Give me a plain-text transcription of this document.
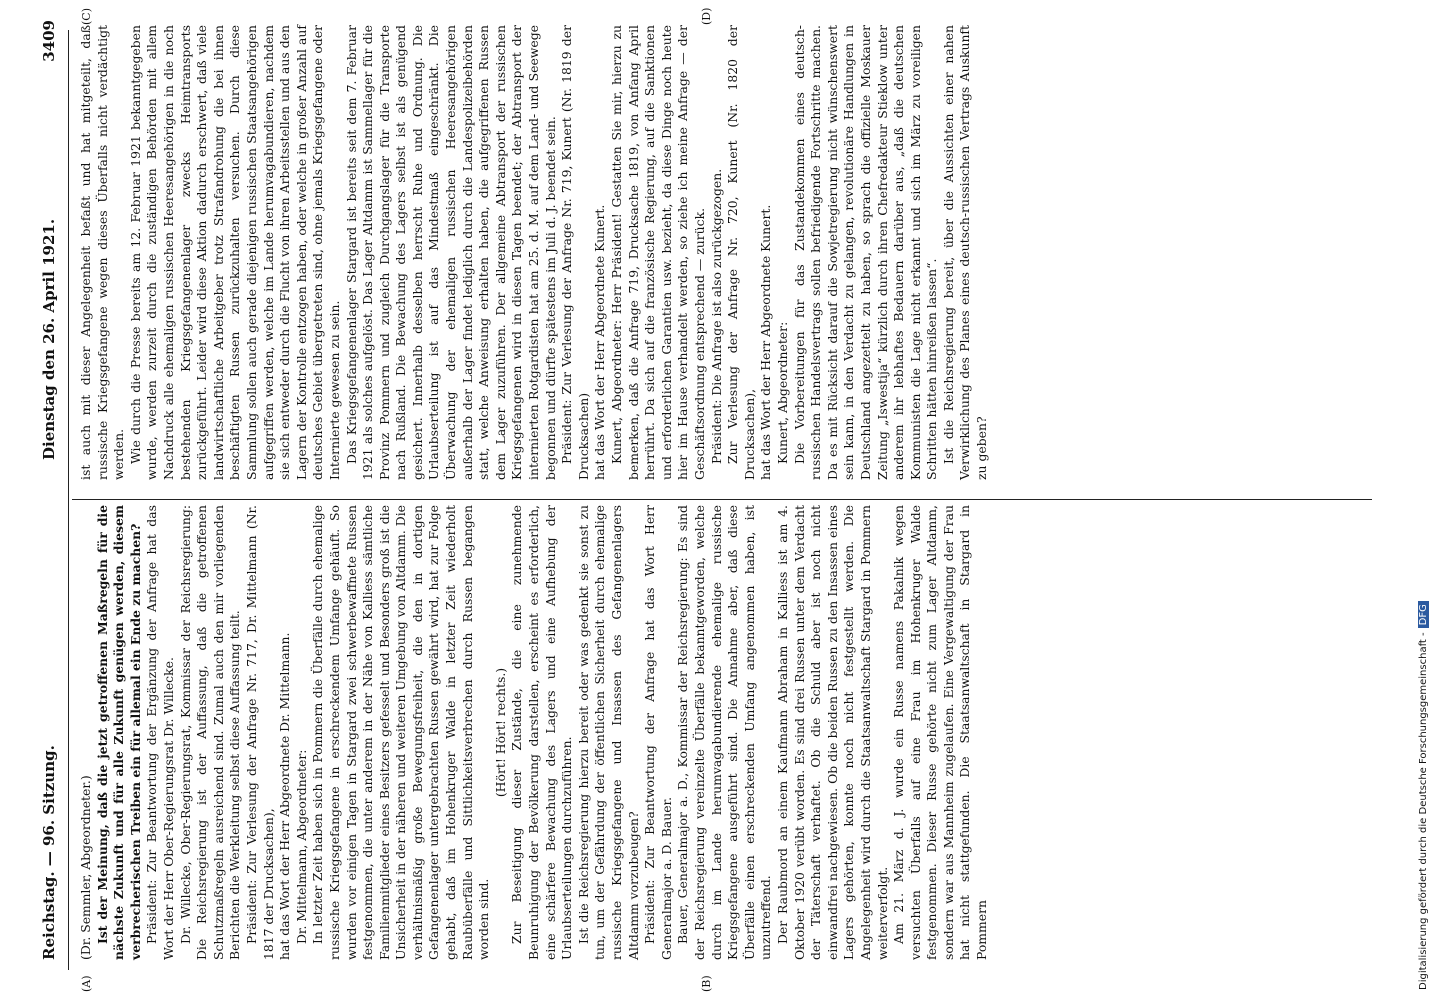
Reichstag. — 96. Sitzung.
Dienstag den 26. April 1921.
3409
(A)	(B)
(C)	(D)

(Dr. Semmler, Abgeordneter.) Ist der Meinung, daß die jetzt getroffenen Maßregeln für die nächste Zukunft und für alle Zukunft genügen werden, diesem verbrecherischen Treiben ein für allemal ein Ende zu machen? Präsident: Zur Beantwortung der Ergänzung der Anfrage hat das Wort der Herr Ober-Regierungsrat Dr. Willecke. Dr. Willecke, Ober-Regierungsrat, Kommissar der Reichsregierung: Die Reichsregierung ist der Auffassung, daß die getroffenen Schutzmaßregeln ausreichend sind. Zumal auch den mir vorliegenden Berichten die Werkleitung selbst diese Auffassung teilt. Präsident: Zur Verlesung der Anfrage Nr. 717, Dr. Mittelmann (Nr. 1817 der Drucksachen), hat das Wort der Herr Abgeordnete Dr. Mittelmann. Dr. Mittelmann, Abgeordneter: In letzter Zeit haben sich in Pommern die Überfälle durch ehemalige russische Kriegsgefangene in erschreckendem Umfange gehäuft. So wurden vor einigen Tagen in Stargard zwei schwerbewaffnete Russen festgenommen, die unter anderem in der Nähe von Kalliess sämtliche Familienmitglieder eines Besitzers gefesselt und Besonders groß ist die Unsicherheit in der näheren und weiteren Umgebung von Altdamm. Die verhältnismäßig große Bewegungsfreiheit, die den in dortigen Gefangenenlager untergebrachten Russen gewährt wird, hat zur Folge gehabt, daß im Hohenkruger Walde in letzter Zeit wiederholt Raubüberfälle und Sittlichkeitsverbrechen durch Russen begangen worden sind.

(Hört! Hört! rechts.) Zur Beseitigung dieser Zustände, die eine zunehmende Beunruhigung der Bevölkerung darstellen, erscheint es erforderlich, eine schärfere Bewachung des Lagers und eine Aufhebung der Urlaubserteilungen durchzuführen. Ist die Reichsregierung hierzu bereit oder was gedenkt sie sonst zu tun, um der Gefährdung der öffentlichen Sicherheit durch ehemalige russische Kriegsgefangene und Insassen des Gefangenenlagers Altdamm vorzubeugen? Präsident: Zur Beantwortung der Anfrage hat das Wort Herr Generalmajor a. D. Bauer. Bauer, Generalmajor a. D., Kommissar der Reichsregierung: Es sind der Reichsregierung vereinzelte Überfälle bekanntgeworden, welche durch im Lande herumvagabundierende ehemalige russische Kriegsgefangene ausgeführt sind. Die Annahme aber, daß diese Überfälle einen erschreckenden Umfang angenommen haben, ist unzutreffend. Der Raubmord an einem Kaufmann Abraham in Kalliess ist am 4. Oktober 1920 verübt worden. Es sind drei Russen unter dem Verdacht der Täterschaft verhaftet. Ob die Schuld aber ist noch nicht einwandfrei nachgewiesen. Ob die beiden Russen zu den Insassen eines Lagers gehörten, konnte noch nicht festgestellt werden. Die Angelegenheit wird durch die Staatsanwaltschaft Stargard in Pommern weiterverfolgt. Am 21. März d. J. wurde ein Russe namens Pakalnik wegen versuchten Überfalls auf eine Frau im Hohenkruger Walde festgenommen. Dieser Russe gehörte nicht zum Lager Altdamm, sondern war aus Mannheim zugelaufen. Eine Vergewaltigung der Frau hat nicht stattgefunden. Die Staatsanwaltschaft in Stargard in Pommern

ist auch mit dieser Angelegenheit befaßt und hat mitgeteilt, daß russische Kriegsgefangene wegen dieses Überfalls nicht verdächtigt werden. Wie durch die Presse bereits am 12. Februar 1921 bekanntgegeben wurde, werden zurzeit durch die zuständigen Behörden mit allem Nachdruck alle ehemaligen russischen Heeresangehörigen in die noch bestehenden Kriegsgefangenenlager zwecks Heimtransports zurückgeführt. Leider wird diese Aktion dadurch erschwert, daß viele landwirtschaftliche Arbeitgeber trotz Strafandrohung die bei ihnen beschäftigten Russen zurückzuhalten versuchen. Durch diese Sammlung sollen auch gerade diejenigen russischen Staatsangehörigen aufgegriffen werden, welche im Lande herumvagabundieren, nachdem sie sich entweder durch die Flucht von ihren Arbeitsstellen und aus den Lagern der Kontrolle entzogen haben, oder welche in großer Anzahl auf deutsches Gebiet übergetreten sind, ohne jemals Kriegsgefangene oder Internierte gewesen zu sein. Das Kriegsgefangenenlager Stargard ist bereits seit dem 7. Februar 1921 als solches aufgelöst. Das Lager Altdamm ist Sammellager für die Provinz Pommern und zugleich Durchgangslager für die Transporte nach Rußland. Die Bewachung des Lagers selbst ist als genügend gesichert. Innerhalb desselben herrscht Ruhe und Ordnung. Die Urlaubserteilung ist auf das Mindestmaß eingeschränkt. Die Überwachung der ehemaligen russischen Heeresangehörigen außerhalb der Lager findet lediglich durch die Landespolizeibehörden statt, welche Anweisung erhalten haben, die aufgegriffenen Russen dem Lager zuzuführen. Der allgemeine Abtransport der russischen Kriegsgefangenen wird in diesen Tagen beendet; der Abtransport der internierten Rotgardisten hat am 25. d. M. auf dem Land- und Seewege begonnen und dürfte spätestens im Juli d. J. beendet sein. Präsident: Zur Verlesung der Anfrage Nr. 719, Kunert (Nr. 1819 der Drucksachen) hat das Wort der Herr Abgeordnete Kunert. Kunert, Abgeordneter: Herr Präsident! Gestatten Sie mir, hierzu zu bemerken, daß die Anfrage 719, Drucksache 1819, von Anfang April herrührt. Da sich auf die französische Regierung, auf die Sanktionen und erforderlichen Garantien usw. bezieht, da diese Dinge noch heute hier im Hause verhandelt werden, so ziehe ich meine Anfrage — der Geschäftsordnung entsprechend — zurück. Präsident: Die Anfrage ist also zurückgezogen. Zur Verlesung der Anfrage Nr. 720, Kunert (Nr. 1820 der Drucksachen), hat das Wort der Herr Abgeordnete Kunert. Kunert, Abgeordneter: Die Vorbereitungen für das Zustandekommen eines deutsch-russischen Handelsvertrags sollen befriedigende Fortschritte machen. Da es mit Rücksicht darauf die Sowjetregierung nicht wünschenswert sein kann, in den Verdacht zu gelangen, revolutionäre Handlungen in Deutschland angezettelt zu haben, so sprach die offizielle Moskauer Zeitung „Iswestija“ kürzlich durch ihren Chefredakteur Stieklow unter anderem ihr lebhaftes Bedauern darüber aus, „daß die deutschen Kommunisten die Lage nicht erkannt und sich im März zu voreiligen Schritten hätten hinreißen lassen“. Ist die Reichsregierung bereit, über die Aussichten einer nahen Verwirklichung des Planes eines deutsch-russischen Vertrags Auskunft zu geben?

Digitalisierung gefördert durch die Deutsche Forschungsgemeinschaft -DFG
